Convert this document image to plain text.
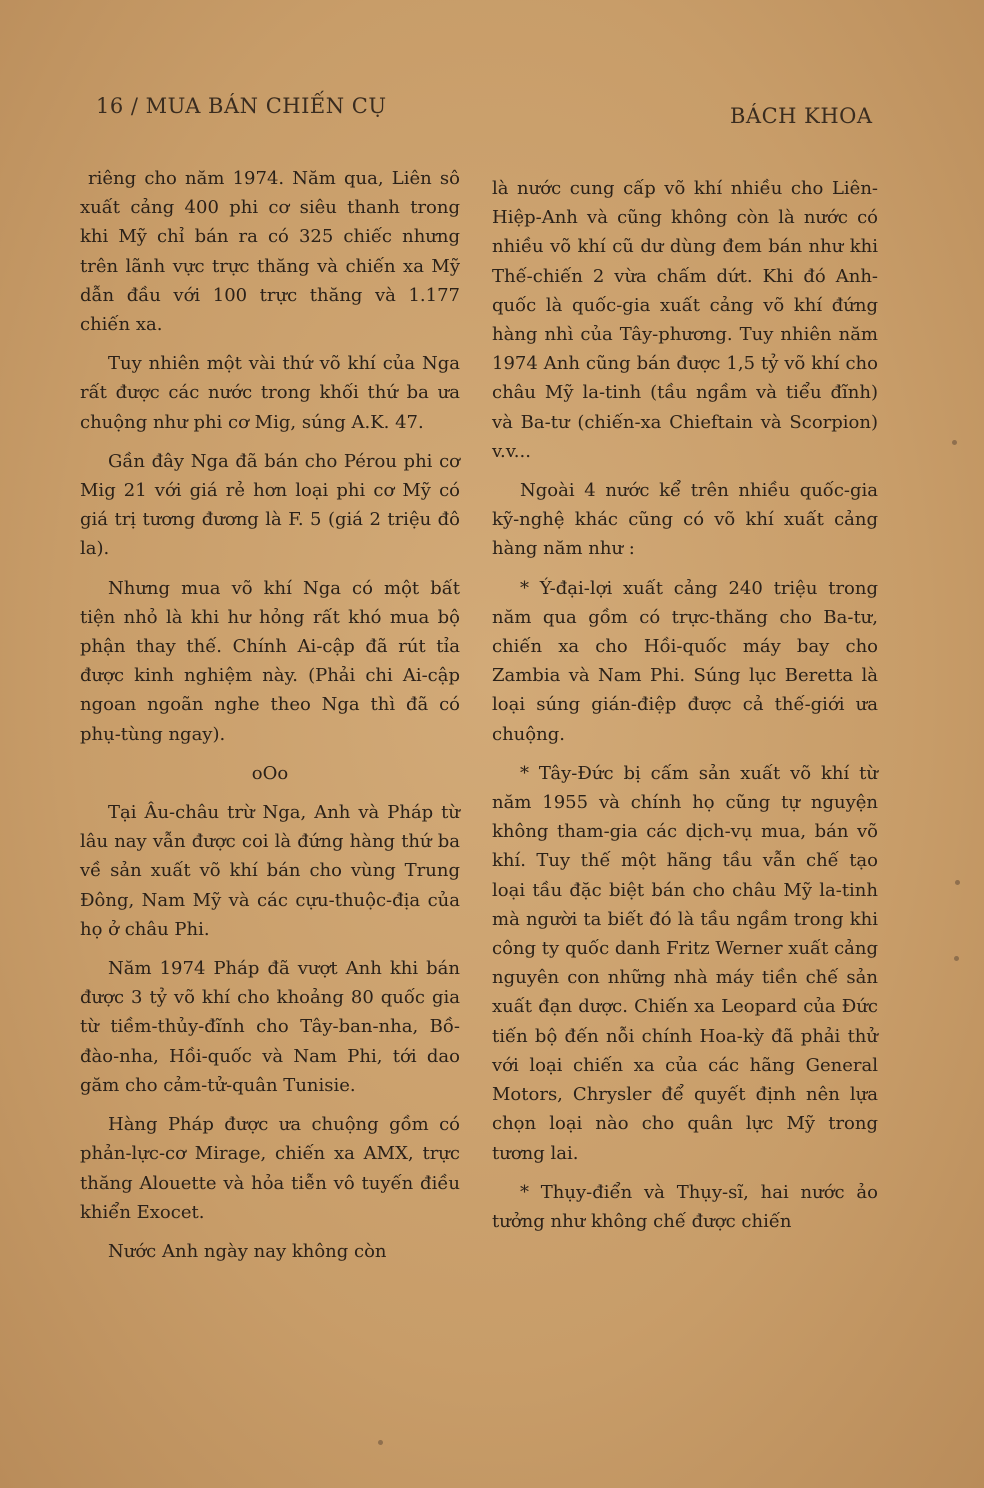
16 / MUA BÁN CHIẾN CỤ	BÁCH KHOA

riêng cho năm 1974. Năm qua, Liên sô xuất cảng 400 phi cơ siêu thanh trong khi Mỹ chỉ bán ra có 325 chiếc nhưng trên lãnh vực trực thăng và chiến xa Mỹ dẫn đầu với 100 trực thăng và 1.177 chiến xa.

Tuy nhiên một vài thứ võ khí của Nga rất được các nước trong khối thứ ba ưa chuộng như phi cơ Mig, súng A.K. 47.

Gần đây Nga đã bán cho Pérou phi cơ Mig 21 với giá rẻ hơn loại phi cơ Mỹ có giá trị tương đương là F. 5 (giá 2 triệu đô la).

Nhưng mua võ khí Nga có một bất tiện nhỏ là khi hư hỏng rất khó mua bộ phận thay thế. Chính Ai-cập đã rút tỉa được kinh nghiệm này. (Phải chi Ai-cập ngoan ngoãn nghe theo Nga thì đã có phụ-tùng ngay).

oOo

Tại Âu-châu trừ Nga, Anh và Pháp từ lâu nay vẫn được coi là đứng hàng thứ ba về sản xuất võ khí bán cho vùng Trung Đông, Nam Mỹ và các cựu-thuộc-địa của họ ở châu Phi.

Năm 1974 Pháp đã vượt Anh khi bán được 3 tỷ võ khí cho khoảng 80 quốc gia từ tiềm-thủy-đĩnh cho Tây-ban-nha, Bồ-đào-nha, Hồi-quốc và Nam Phi, tới dao găm cho cảm-tử-quân Tunisie.

Hàng Pháp được ưa chuộng gồm có phản-lực-cơ Mirage, chiến xa AMX, trực thăng Alouette và hỏa tiễn vô tuyến điều khiển Exocet.

Nước Anh ngày nay không còn

là nước cung cấp võ khí nhiều cho Liên-Hiệp-Anh và cũng không còn là nước có nhiều võ khí cũ dư dùng đem bán như khi Thế-chiến 2 vừa chấm dứt. Khi đó Anh-quốc là quốc-gia xuất cảng võ khí đứng hàng nhì của Tây-phương. Tuy nhiên năm 1974 Anh cũng bán được 1,5 tỷ võ khí cho châu Mỹ la-tinh (tầu ngầm và tiểu đĩnh) và Ba-tư (chiến-xa Chieftain và Scorpion) v.v...

Ngoài 4 nước kể trên nhiều quốc-gia kỹ-nghệ khác cũng có võ khí xuất cảng hàng năm như :

* Ý-đại-lợi xuất cảng 240 triệu trong năm qua gồm có trực-thăng cho Ba-tư, chiến xa cho Hồi-quốc máy bay cho Zambia và Nam Phi. Súng lục Beretta là loại súng gián-điệp được cả thế-giới ưa chuộng.

* Tây-Đức bị cấm sản xuất võ khí từ năm 1955 và chính họ cũng tự nguyện không tham-gia các dịch-vụ mua, bán võ khí. Tuy thế một hãng tầu vẫn chế tạo loại tầu đặc biệt bán cho châu Mỹ la-tinh mà người ta biết đó là tầu ngầm trong khi công ty quốc danh Fritz Werner xuất cảng nguyên con những nhà máy tiền chế sản xuất đạn dược. Chiến xa Leopard của Đức tiến bộ đến nỗi chính Hoa-kỳ đã phải thử với loại chiến xa của các hãng General Motors, Chrysler để quyết định nên lựa chọn loại nào cho quân lực Mỹ trong tương lai.

* Thụy-điển và Thụy-sĩ, hai nước ảo tưởng như không chế được chiến
